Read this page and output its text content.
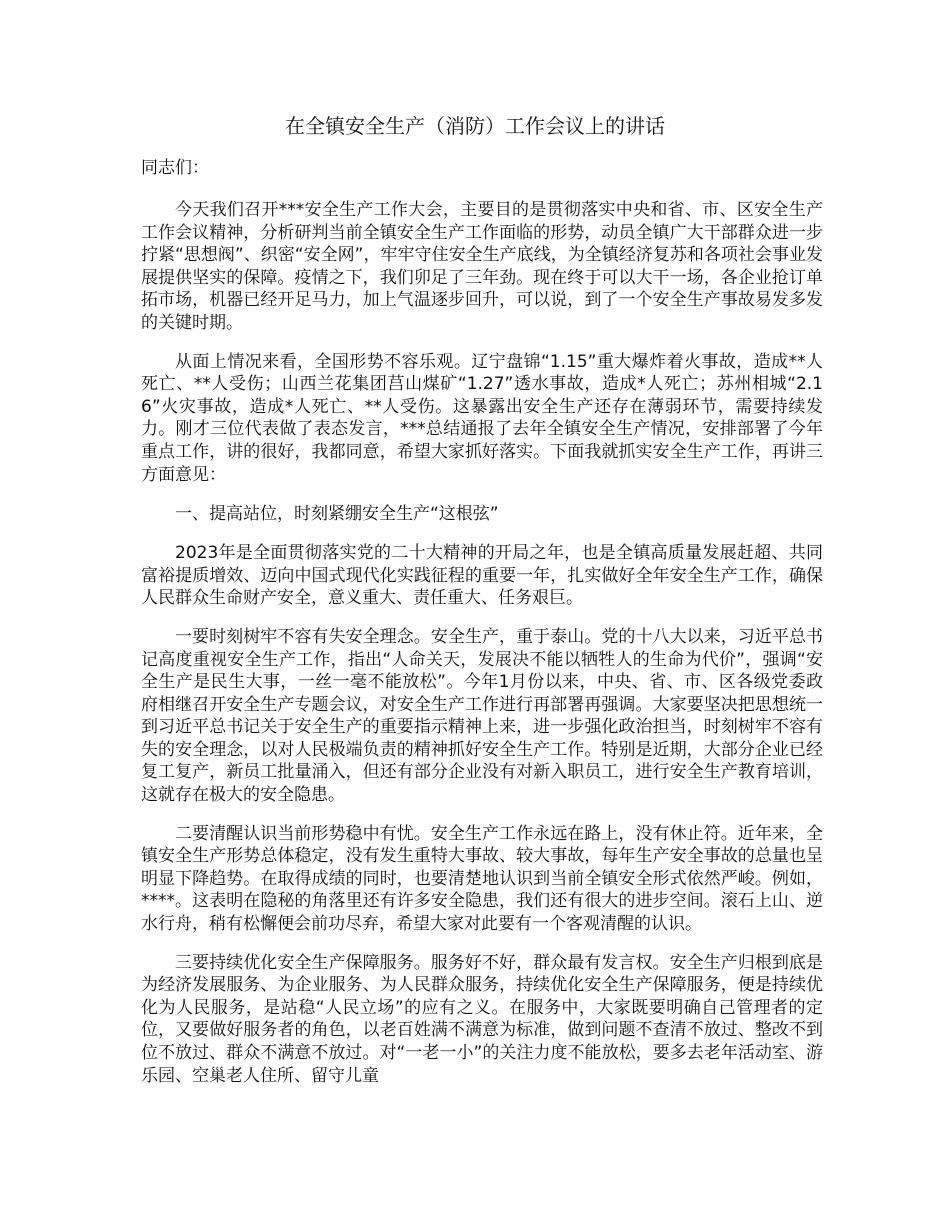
在全镇安全生产（消防）工作会议上的讲话

同志们：

今天我们召开***安全生产工作大会，主要目的是贯彻落实中央和省、市、区安全生产工作会议精神，分析研判当前全镇安全生产工作面临的形势，动员全镇广大干部群众进一步拧紧“思想阀”、织密“安全网”，牢牢守住安全生产底线，为全镇经济复苏和各项社会事业发展提供坚实的保障。疫情之下，我们卯足了三年劲。现在终于可以大干一场，各企业抢订单拓市场，机器已经开足马力，加上气温逐步回升，可以说，到了一个安全生产事故易发多发的关键时期。

从面上情况来看，全国形势不容乐观。辽宁盘锦“1.15”重大爆炸着火事故，造成**人死亡、**人受伤；山西兰花集团莒山煤矿“1.27”透水事故，造成*人死亡；苏州相城“2.16”火灾事故，造成*人死亡、**人受伤。这暴露出安全生产还存在薄弱环节，需要持续发力。刚才三位代表做了表态发言，***总结通报了去年全镇安全生产情况，安排部署了今年重点工作，讲的很好，我都同意，希望大家抓好落实。下面我就抓实安全生产工作，再讲三方面意见：

一、提高站位，时刻紧绷安全生产“这根弦”

2023年是全面贯彻落实党的二十大精神的开局之年，也是全镇高质量发展赶超、共同富裕提质增效、迈向中国式现代化实践征程的重要一年，扎实做好全年安全生产工作，确保人民群众生命财产安全，意义重大、责任重大、任务艰巨。

一要时刻树牢不容有失安全理念。安全生产，重于泰山。党的十八大以来，习近平总书记高度重视安全生产工作，指出“人命关天，发展决不能以牺牲人的生命为代价”，强调“安全生产是民生大事，一丝一毫不能放松”。今年1月份以来，中央、省、市、区各级党委政府相继召开安全生产专题会议，对安全生产工作进行再部署再强调。大家要坚决把思想统一到习近平总书记关于安全生产的重要指示精神上来，进一步强化政治担当，时刻树牢不容有失的安全理念，以对人民极端负责的精神抓好安全生产工作。特别是近期，大部分企业已经复工复产，新员工批量涌入，但还有部分企业没有对新入职员工，进行安全生产教育培训，这就存在极大的安全隐患。

二要清醒认识当前形势稳中有忧。安全生产工作永远在路上，没有休止符。近年来，全镇安全生产形势总体稳定，没有发生重特大事故、较大事故，每年生产安全事故的总量也呈明显下降趋势。在取得成绩的同时，也要清楚地认识到当前全镇安全形式依然严峻。例如，****。这表明在隐秘的角落里还有许多安全隐患，我们还有很大的进步空间。滚石上山、逆水行舟，稍有松懈便会前功尽弃，希望大家对此要有一个客观清醒的认识。

三要持续优化安全生产保障服务。服务好不好，群众最有发言权。安全生产归根到底是为经济发展服务、为企业服务、为人民群众服务，持续优化安全生产保障服务，便是持续优化为人民服务，是站稳“人民立场”的应有之义。在服务中，大家既要明确自己管理者的定位，又要做好服务者的角色，以老百姓满不满意为标准，做到问题不查清不放过、整改不到位不放过、群众不满意不放过。对“一老一小”的关注力度不能放松，要多去老年活动室、游乐园、空巢老人住所、留守儿童
